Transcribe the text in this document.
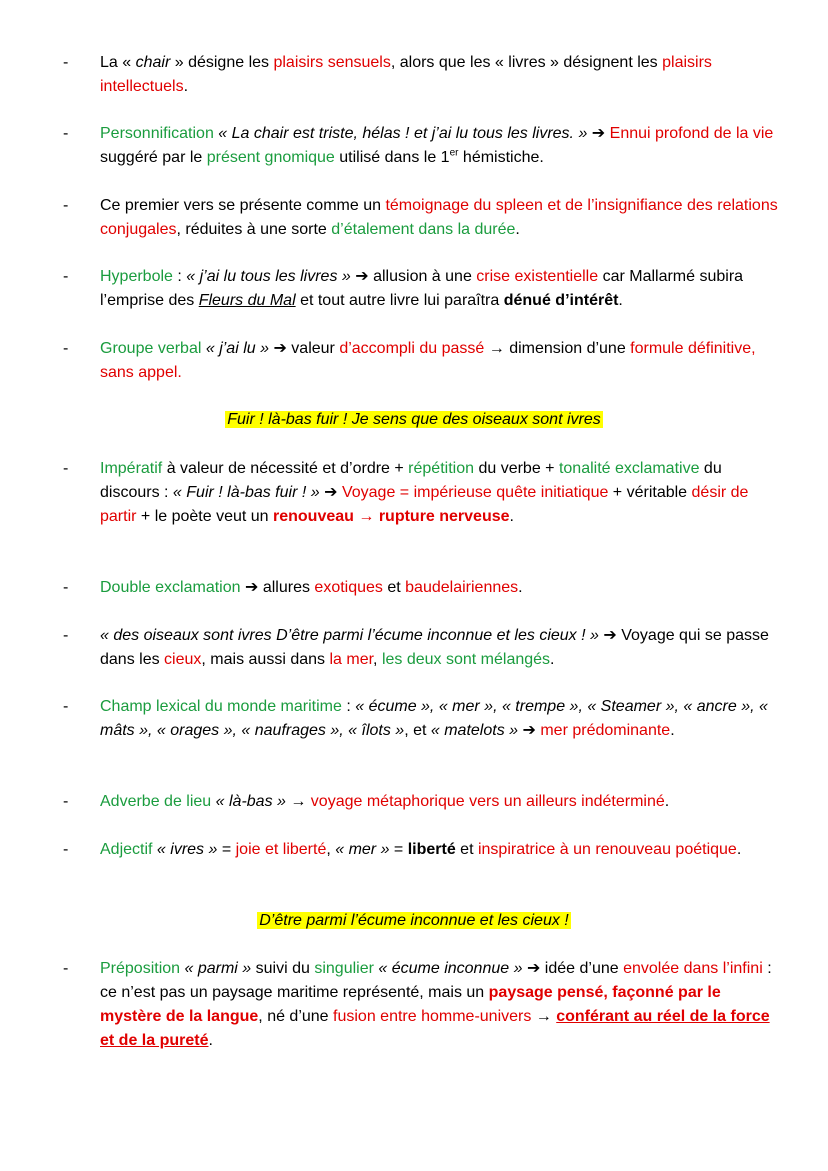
- La « chair » désigne les plaisirs sensuels, alors que les « livres » désignent les plaisirs intellectuels.

- Personnification « La chair est triste, hélas ! et j’ai lu tous les livres. » ➔ Ennui profond de la vie suggéré par le présent gnomique utilisé dans le 1er hémistiche.

- Ce premier vers se présente comme un témoignage du spleen et de l’insignifiance des relations conjugales, réduites à une sorte d’étalement dans la durée.

- Hyperbole : « j’ai lu tous les livres » ➔ allusion à une crise existentielle car Mallarmé subira l’emprise des Fleurs du Mal et tout autre livre lui paraîtra dénué d’intérêt.

- Groupe verbal « j’ai lu » ➔ valeur d’accompli du passé → dimension d’une formule définitive, sans appel.

Fuir ! là-bas fuir ! Je sens que des oiseaux sont ivres

- Impératif à valeur de nécessité et d’ordre + répétition du verbe + tonalité exclamative du discours : « Fuir ! là-bas fuir ! » ➔ Voyage = impérieuse quête initiatique + véritable désir de partir + le poète veut un renouveau → rupture nerveuse.

- Double exclamation ➔ allures exotiques et baudelairiennes.

- « des oiseaux sont ivres D’être parmi l’écume inconnue et les cieux ! » ➔ Voyage qui se passe dans les cieux, mais aussi dans la mer, les deux sont mélangés.

- Champ lexical du monde maritime : « écume », « mer », « trempe », « Steamer », « ancre », « mâts », « orages », « naufrages », « îlots », et « matelots » ➔ mer prédominante.

- Adverbe de lieu « là-bas » → voyage métaphorique vers un ailleurs indéterminé.

- Adjectif « ivres » = joie et liberté, « mer » = liberté et inspiratrice à un renouveau poétique.

D’être parmi l’écume inconnue et les cieux !

- Préposition « parmi » suivi du singulier « écume inconnue » ➔ idée d’une envolée dans l’infini : ce n’est pas un paysage maritime représenté, mais un paysage pensé, façonné par le mystère de la langue, né d’une fusion entre homme-univers → conférant au réel de la force et de la pureté.
